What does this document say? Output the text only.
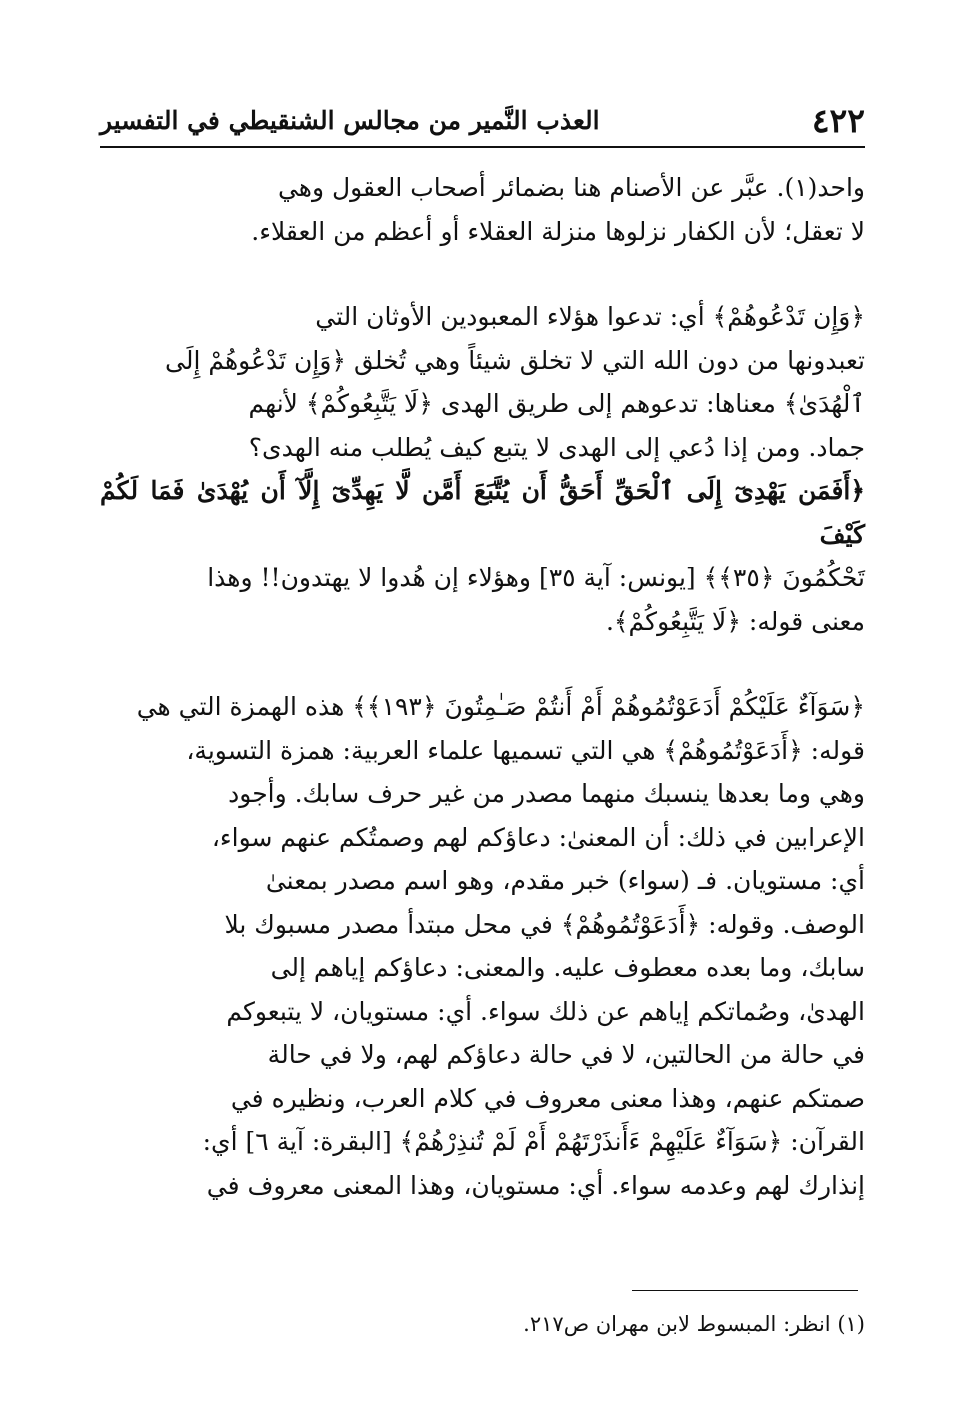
٤٢٢
العذب النَّمير من مجالس الشنقيطي في التفسير
واحد(١). عبَّر عن الأصنام هنا بضمائر أصحاب العقول وهي
لا تعقل؛ لأن الكفار نزلوها منزلة العقلاء أو أعظم من العقلاء.
﴿وَإِن تَدْعُوهُمْ﴾ أي: تدعوا هؤلاء المعبودين الأوثان التي
تعبدونها من دون الله التي لا تخلق شيئاً وهي تُخلق ﴿وَإِن تَدْعُوهُمْ إِلَى
ٱلْهُدَىٰ﴾ معناها: تدعوهم إلى طريق الهدى ﴿لَا يَتَّبِعُوكُمْ﴾ لأنهم
جماد. ومن إذا دُعي إلى الهدى لا يتبع كيف يُطلب منه الهدى؟
﴿أَفَمَن يَهْدِىٓ إِلَى ٱلْحَقِّ أَحَقُّ أَن يُتَّبَعَ أَمَّن لَّا يَهِدِّىٓ إِلَّآ أَن يُهْدَىٰ فَمَا لَكُمْ كَيْفَ
تَحْكُمُونَ ﴿٣٥﴾﴾ [يونس: آية ٣٥] وهؤلاء إن هُدوا لا يهتدون!! وهذا
معنى قوله: ﴿لَا يَتَّبِعُوكُمْ﴾.
﴿سَوَآءٌ عَلَيْكُمْ أَدَعَوْتُمُوهُمْ أَمْ أَنتُمْ صَـٰمِتُونَ ﴿١٩٣﴾﴾ هذه الهمزة التي هي
قوله: ﴿أَدَعَوْتُمُوهُمْ﴾ هي التي تسميها علماء العربية: همزة التسوية،
وهي وما بعدها ينسبك منهما مصدر من غير حرف سابك. وأجود
الإعرابين في ذلك: أن المعنىٰ: دعاؤكم لهم وصمتُكم عنهم سواء،
أي: مستويان. فـ (سواء) خبر مقدم، وهو اسم مصدر بمعنىٰ
الوصف. وقوله: ﴿أَدَعَوْتُمُوهُمْ﴾ في محل مبتدأ مصدر مسبوك بلا
سابك، وما بعده معطوف عليه. والمعنى: دعاؤكم إياهم إلى
الهدىٰ، وصُماتكم إياهم عن ذلك سواء. أي: مستويان، لا يتبعوكم
في حالة من الحالتين، لا في حالة دعاؤكم لهم، ولا في حالة
صمتكم عنهم، وهذا معنى معروف في كلام العرب، ونظيره في
القرآن: ﴿سَوَآءٌ عَلَيْهِمْ ءَأَنذَرْتَهُمْ أَمْ لَمْ تُنذِرْهُمْ﴾ [البقرة: آية ٦] أي:
إنذارك لهم وعدمه سواء. أي: مستويان، وهذا المعنى معروف في
(١) انظر: المبسوط لابن مهران ص٢١٧.
